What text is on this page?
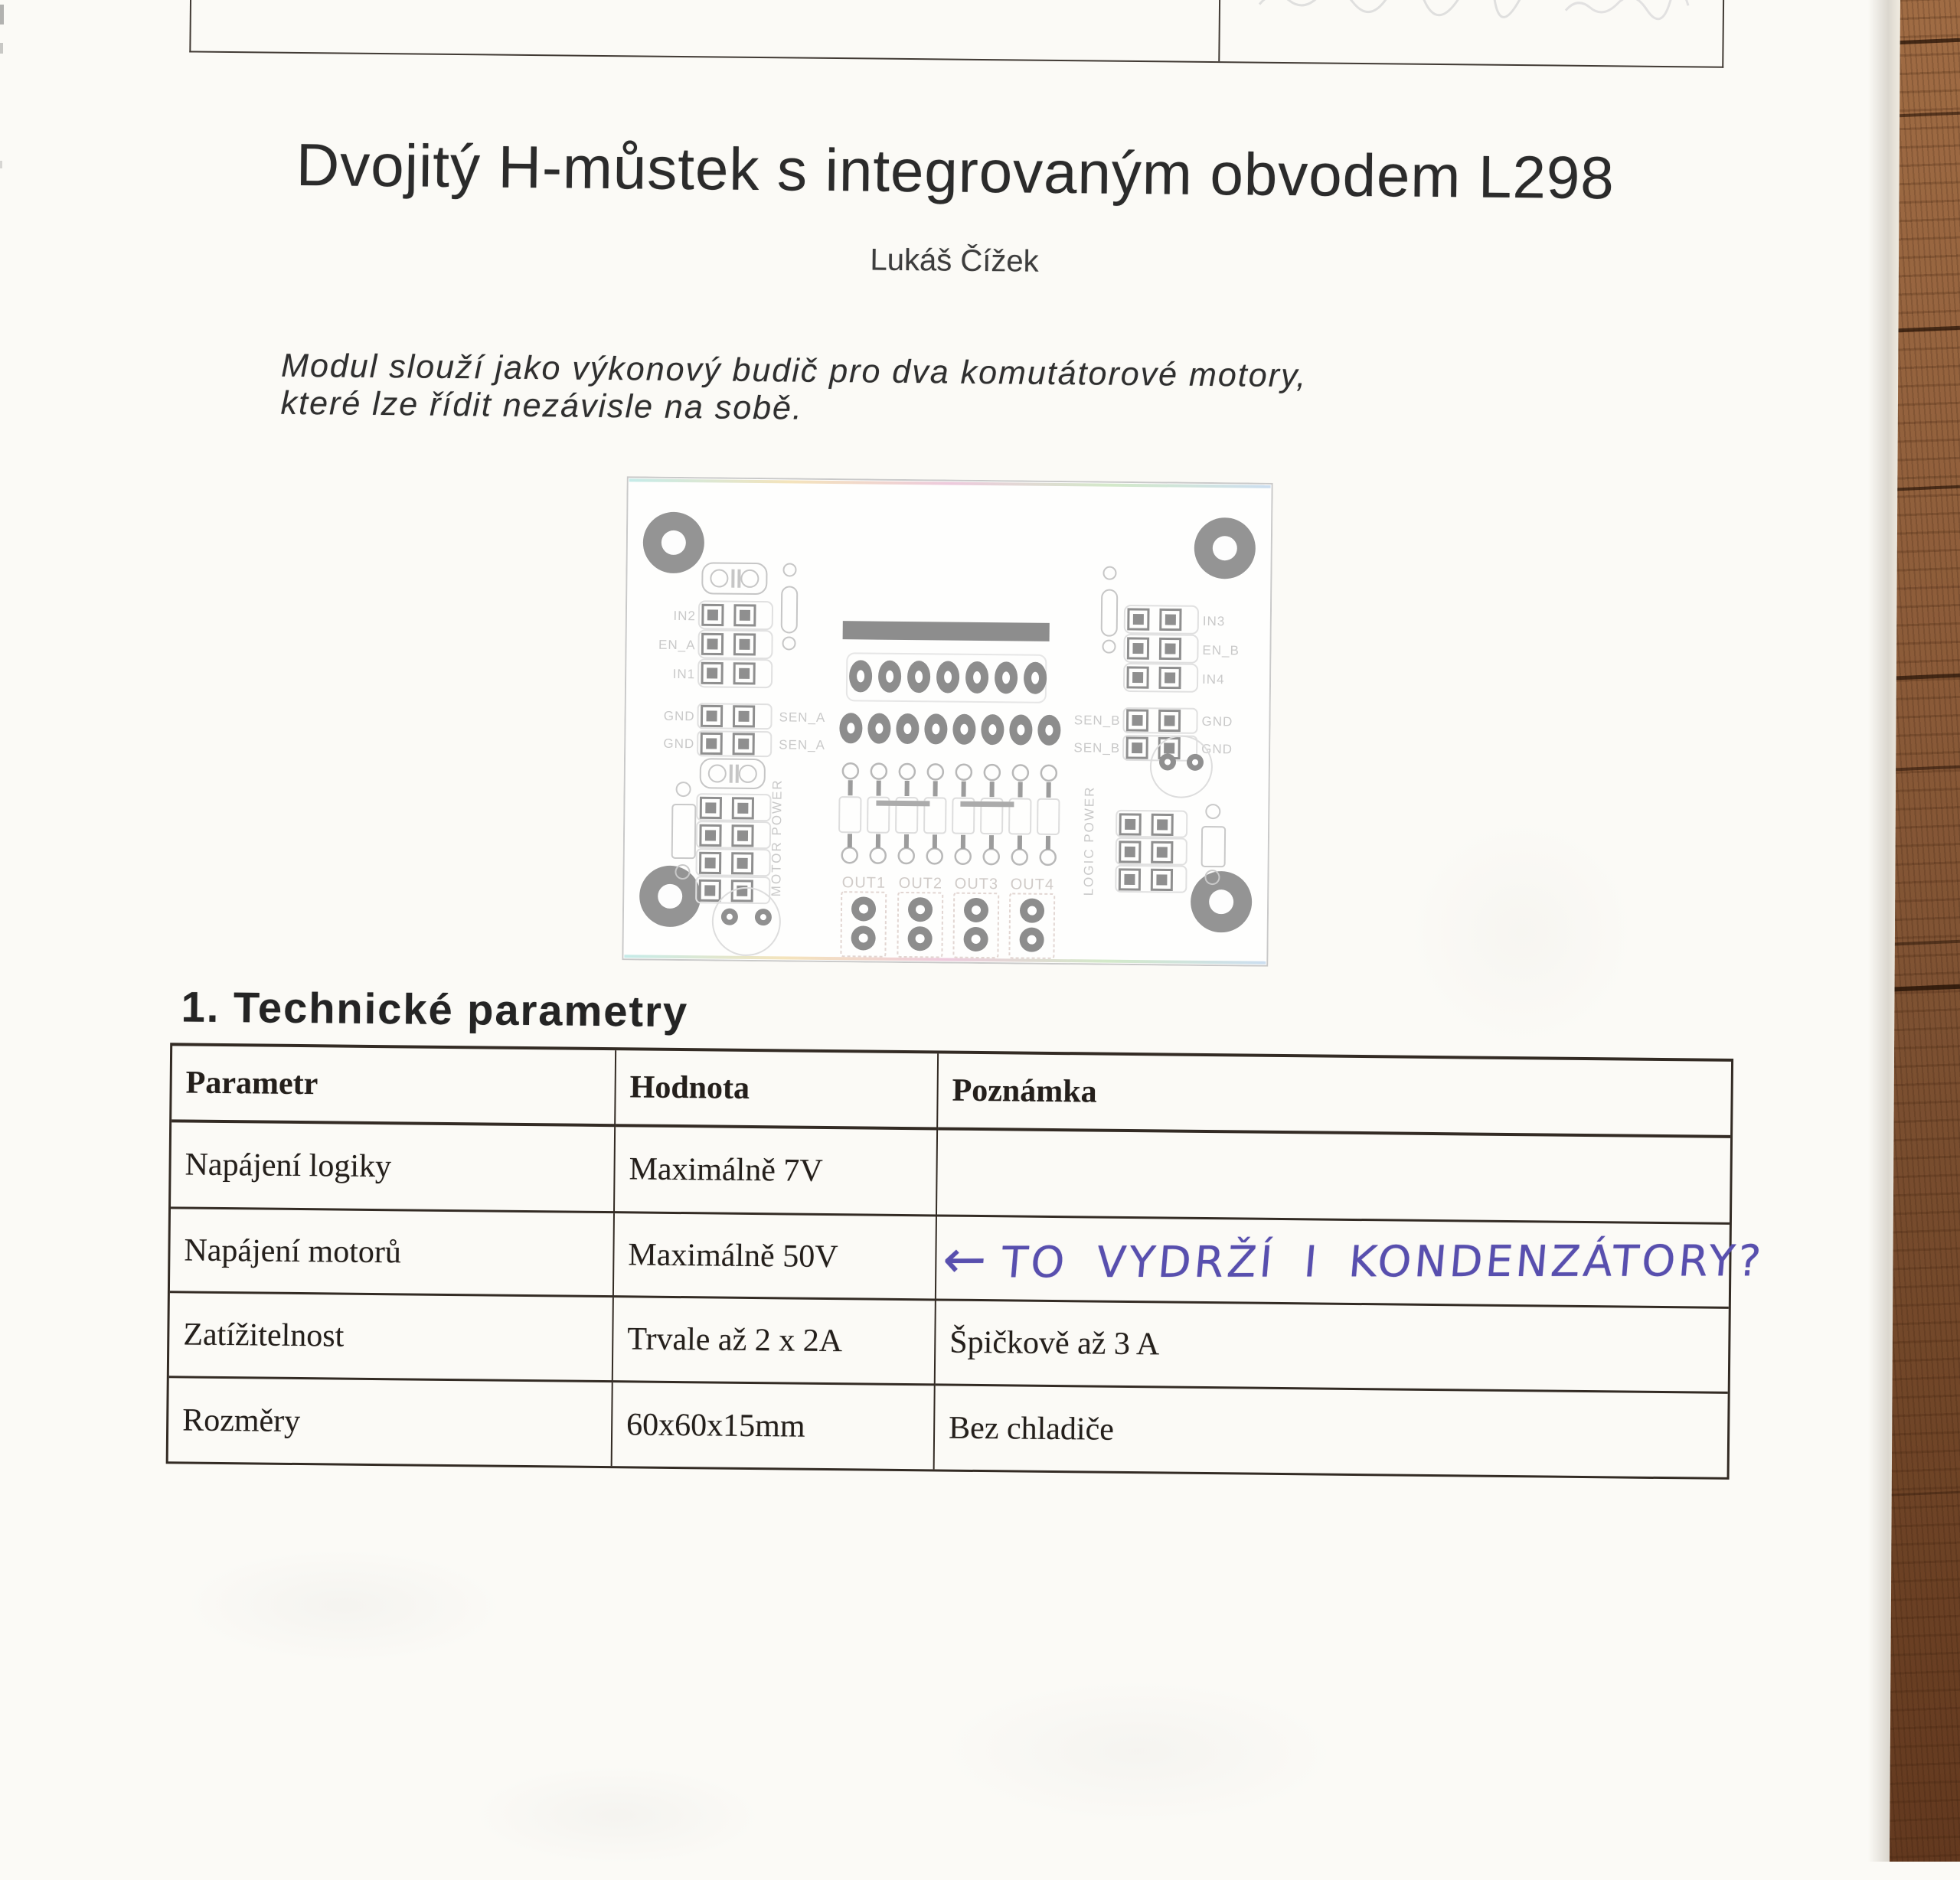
Dvojitý H-můstek s integrovaným obvodem L298
Lukáš Čížek
Modul slouží jako výkonový budič pro dva komutátorové motory,
které lze řídit nezávisle na sobě.
IN2
EN_A
IN1
IN3
EN_B
IN4
GND
GND
SEN_A
SEN_A
SEN_B
SEN_B
GND
GND
OUT1 OUT2 OUT3 OUT4
MOTOR POWER	LOGIC POWER
1. Technické parametry
Parametr	Hodnota	Poznámka
Napájení logiky	Maximálně 7V
Napájení motorů	Maximálně 50V
Zatížitelnost	Trvale až 2 x 2A	Špičkově až 3 A
Rozměry	60x60x15mm	Bez chladiče
← TO VYDRŽÍ I KONDENZÁTORY?
